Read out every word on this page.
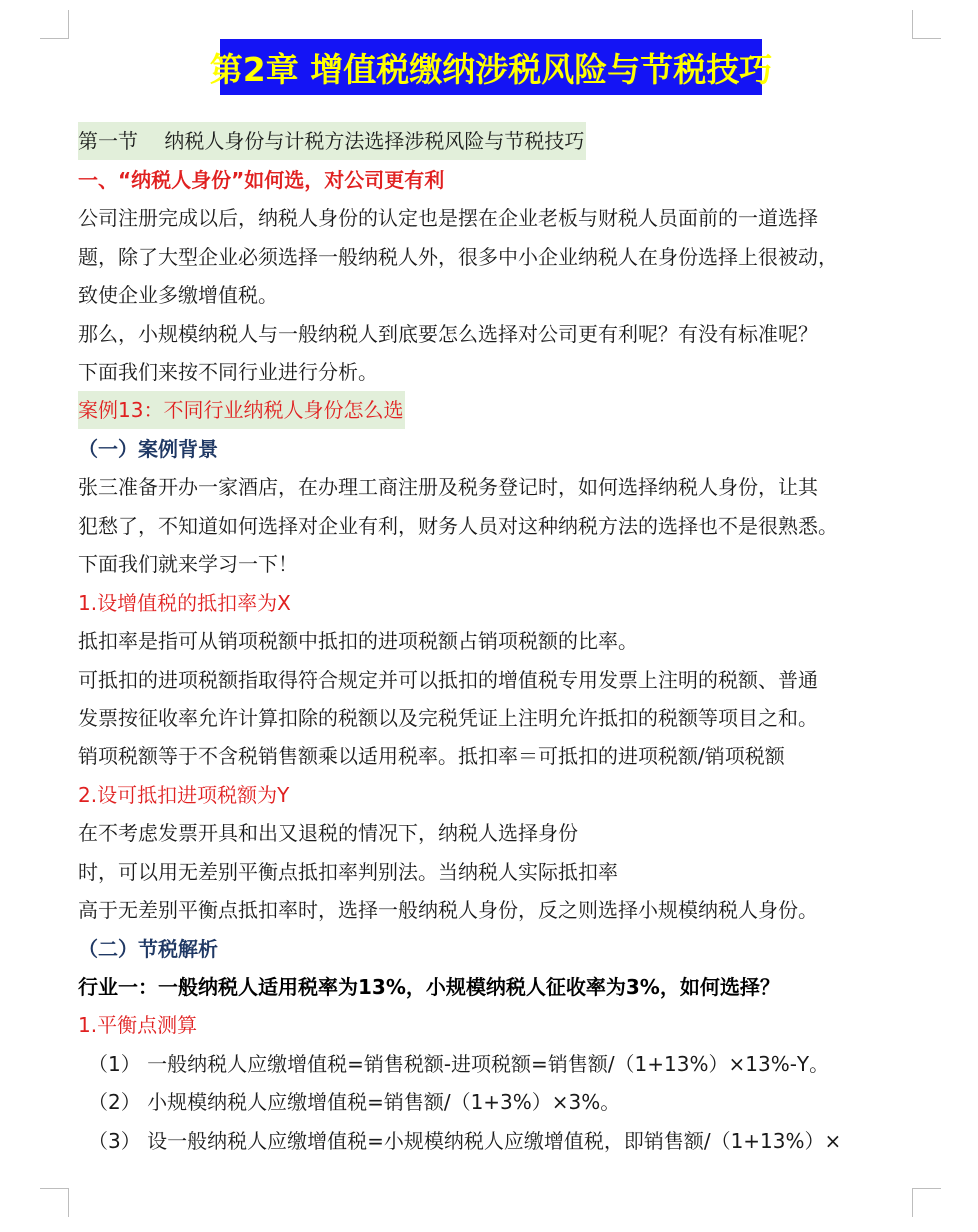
第2章 增值税缴纳涉税风险与节税技巧
第一节　 纳税人身份与计税方法选择涉税风险与节税技巧
一、“纳税人身份”如何选，对公司更有利
公司注册完成以后，纳税人身份的认定也是摆在企业老板与财税人员面前的一道选择
题，除了大型企业必须选择一般纳税人外，很多中小企业纳税人在身份选择上很被动，
致使企业多缴增值税。
那么，小规模纳税人与一般纳税人到底要怎么选择对公司更有利呢？有没有标准呢？
下面我们来按不同行业进行分析。
案例13：不同行业纳税人身份怎么选
（一）案例背景
张三准备开办一家酒店，在办理工商注册及税务登记时，如何选择纳税人身份，让其
犯愁了，不知道如何选择对企业有利，财务人员对这种纳税方法的选择也不是很熟悉。
下面我们就来学习一下！
1.设增值税的抵扣率为X
抵扣率是指可从销项税额中抵扣的进项税额占销项税额的比率。
可抵扣的进项税额指取得符合规定并可以抵扣的增值税专用发票上注明的税额、普通
发票按征收率允许计算扣除的税额以及完税凭证上注明允许抵扣的税额等项目之和。
销项税额等于不含税销售额乘以适用税率。抵扣率＝可抵扣的进项税额/销项税额
2.设可抵扣进项税额为Y
在不考虑发票开具和出又退税的情况下，纳税人选择身份
时，可以用无差别平衡点抵扣率判别法。当纳税人实际抵扣率
高于无差别平衡点抵扣率时，选择一般纳税人身份，反之则选择小规模纳税人身份。
（二）节税解析
行业一：一般纳税人适用税率为13%，小规模纳税人征收率为3%，如何选择？
1.平衡点测算
（1） 一般纳税人应缴增值税=销售税额-进项税额=销售额/（1+13%）×13%-Y。
（2） 小规模纳税人应缴增值税=销售额/（1+3%）×3%。
（3） 设一般纳税人应缴增值税=小规模纳税人应缴增值税，即销售额/（1+13%）×
